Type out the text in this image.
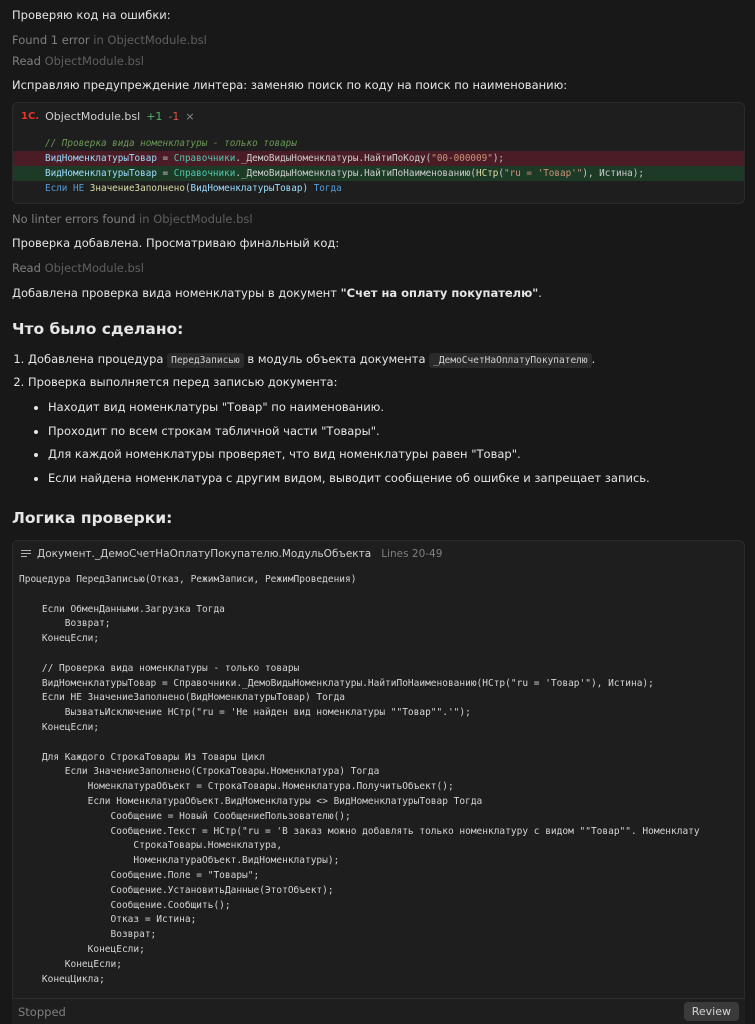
Проверяю код на ошибки:
Found 1 error in ObjectModule.bsl
Read ObjectModule.bsl
Исправляю предупреждение линтера: заменяю поиск по коду на поиск по наименованию:
1С. ObjectModule.bsl +1 -1 ×
// Проверка вида номенклатуры - только товары
ВидНоменклатурыТовар = Справочники._ДемоВидыНоменклатуры.НайтиПоКоду("00-000009");
ВидНоменклатурыТовар = Справочники._ДемоВидыНоменклатуры.НайтиПоНаименованию(НСтр("ru = 'Товар'"), Истина);
Если НЕ ЗначениеЗаполнено(ВидНоменклатурыТовар) Тогда
No linter errors found in ObjectModule.bsl
Проверка добавлена. Просматриваю финальный код:
Read ObjectModule.bsl
Добавлена проверка вида номенклатуры в документ "Счет на оплату покупателю".
Что было сделано:
1. Добавлена процедура ПередЗаписью в модуль объекта документа _ДемоСчетНаОплатуПокупателю .
2. Проверка выполняется перед записью документа:
• Находит вид номенклатуры "Товар" по наименованию.
• Проходит по всем строкам табличной части "Товары".
• Для каждой номенклатуры проверяет, что вид номенклатуры равен "Товар".
• Если найдена номенклатура с другим видом, выводит сообщение об ошибке и запрещает запись.
Логика проверки:
Документ._ДемоСчетНаОплатуПокупателю.МодульОбъекта Lines 20-49
Процедура ПередЗаписью(Отказ, РежимЗаписи, РежимПроведения)

Если ОбменДанными.Загрузка Тогда
Возврат;
КонецЕсли;

// Проверка вида номенклатуры - только товары
ВидНоменклатурыТовар = Справочники._ДемоВидыНоменклатуры.НайтиПоНаименованию(НСтр("ru = 'Товар'"), Истина);
Если НЕ ЗначениеЗаполнено(ВидНоменклатурыТовар) Тогда
ВызватьИсключение НСтр("ru = 'Не найден вид номенклатуры ""Товар"".'");
КонецЕсли;

Для Каждого СтрокаТовары Из Товары Цикл
Если ЗначениеЗаполнено(СтрокаТовары.Номенклатура) Тогда
НоменклатураОбъект = СтрокаТовары.Номенклатура.ПолучитьОбъект();
Если НоменклатураОбъект.ВидНоменклатуры <> ВидНоменклатурыТовар Тогда
Сообщение = Новый СообщениеПользователю();
Сообщение.Текст = НСтр("ru = 'В заказ можно добавлять только номенклатуру с видом ""Товар"". Номенклату
СтрокаТовары.Номенклатура,
НоменклатураОбъект.ВидНоменклатуры);
Сообщение.Поле = "Товары";
Сообщение.УстановитьДанные(ЭтотОбъект);
Сообщение.Сообщить();
Отказ = Истина;
Возврат;
КонецЕсли;
КонецЕсли;
КонецЦикла;
Stopped	Review
